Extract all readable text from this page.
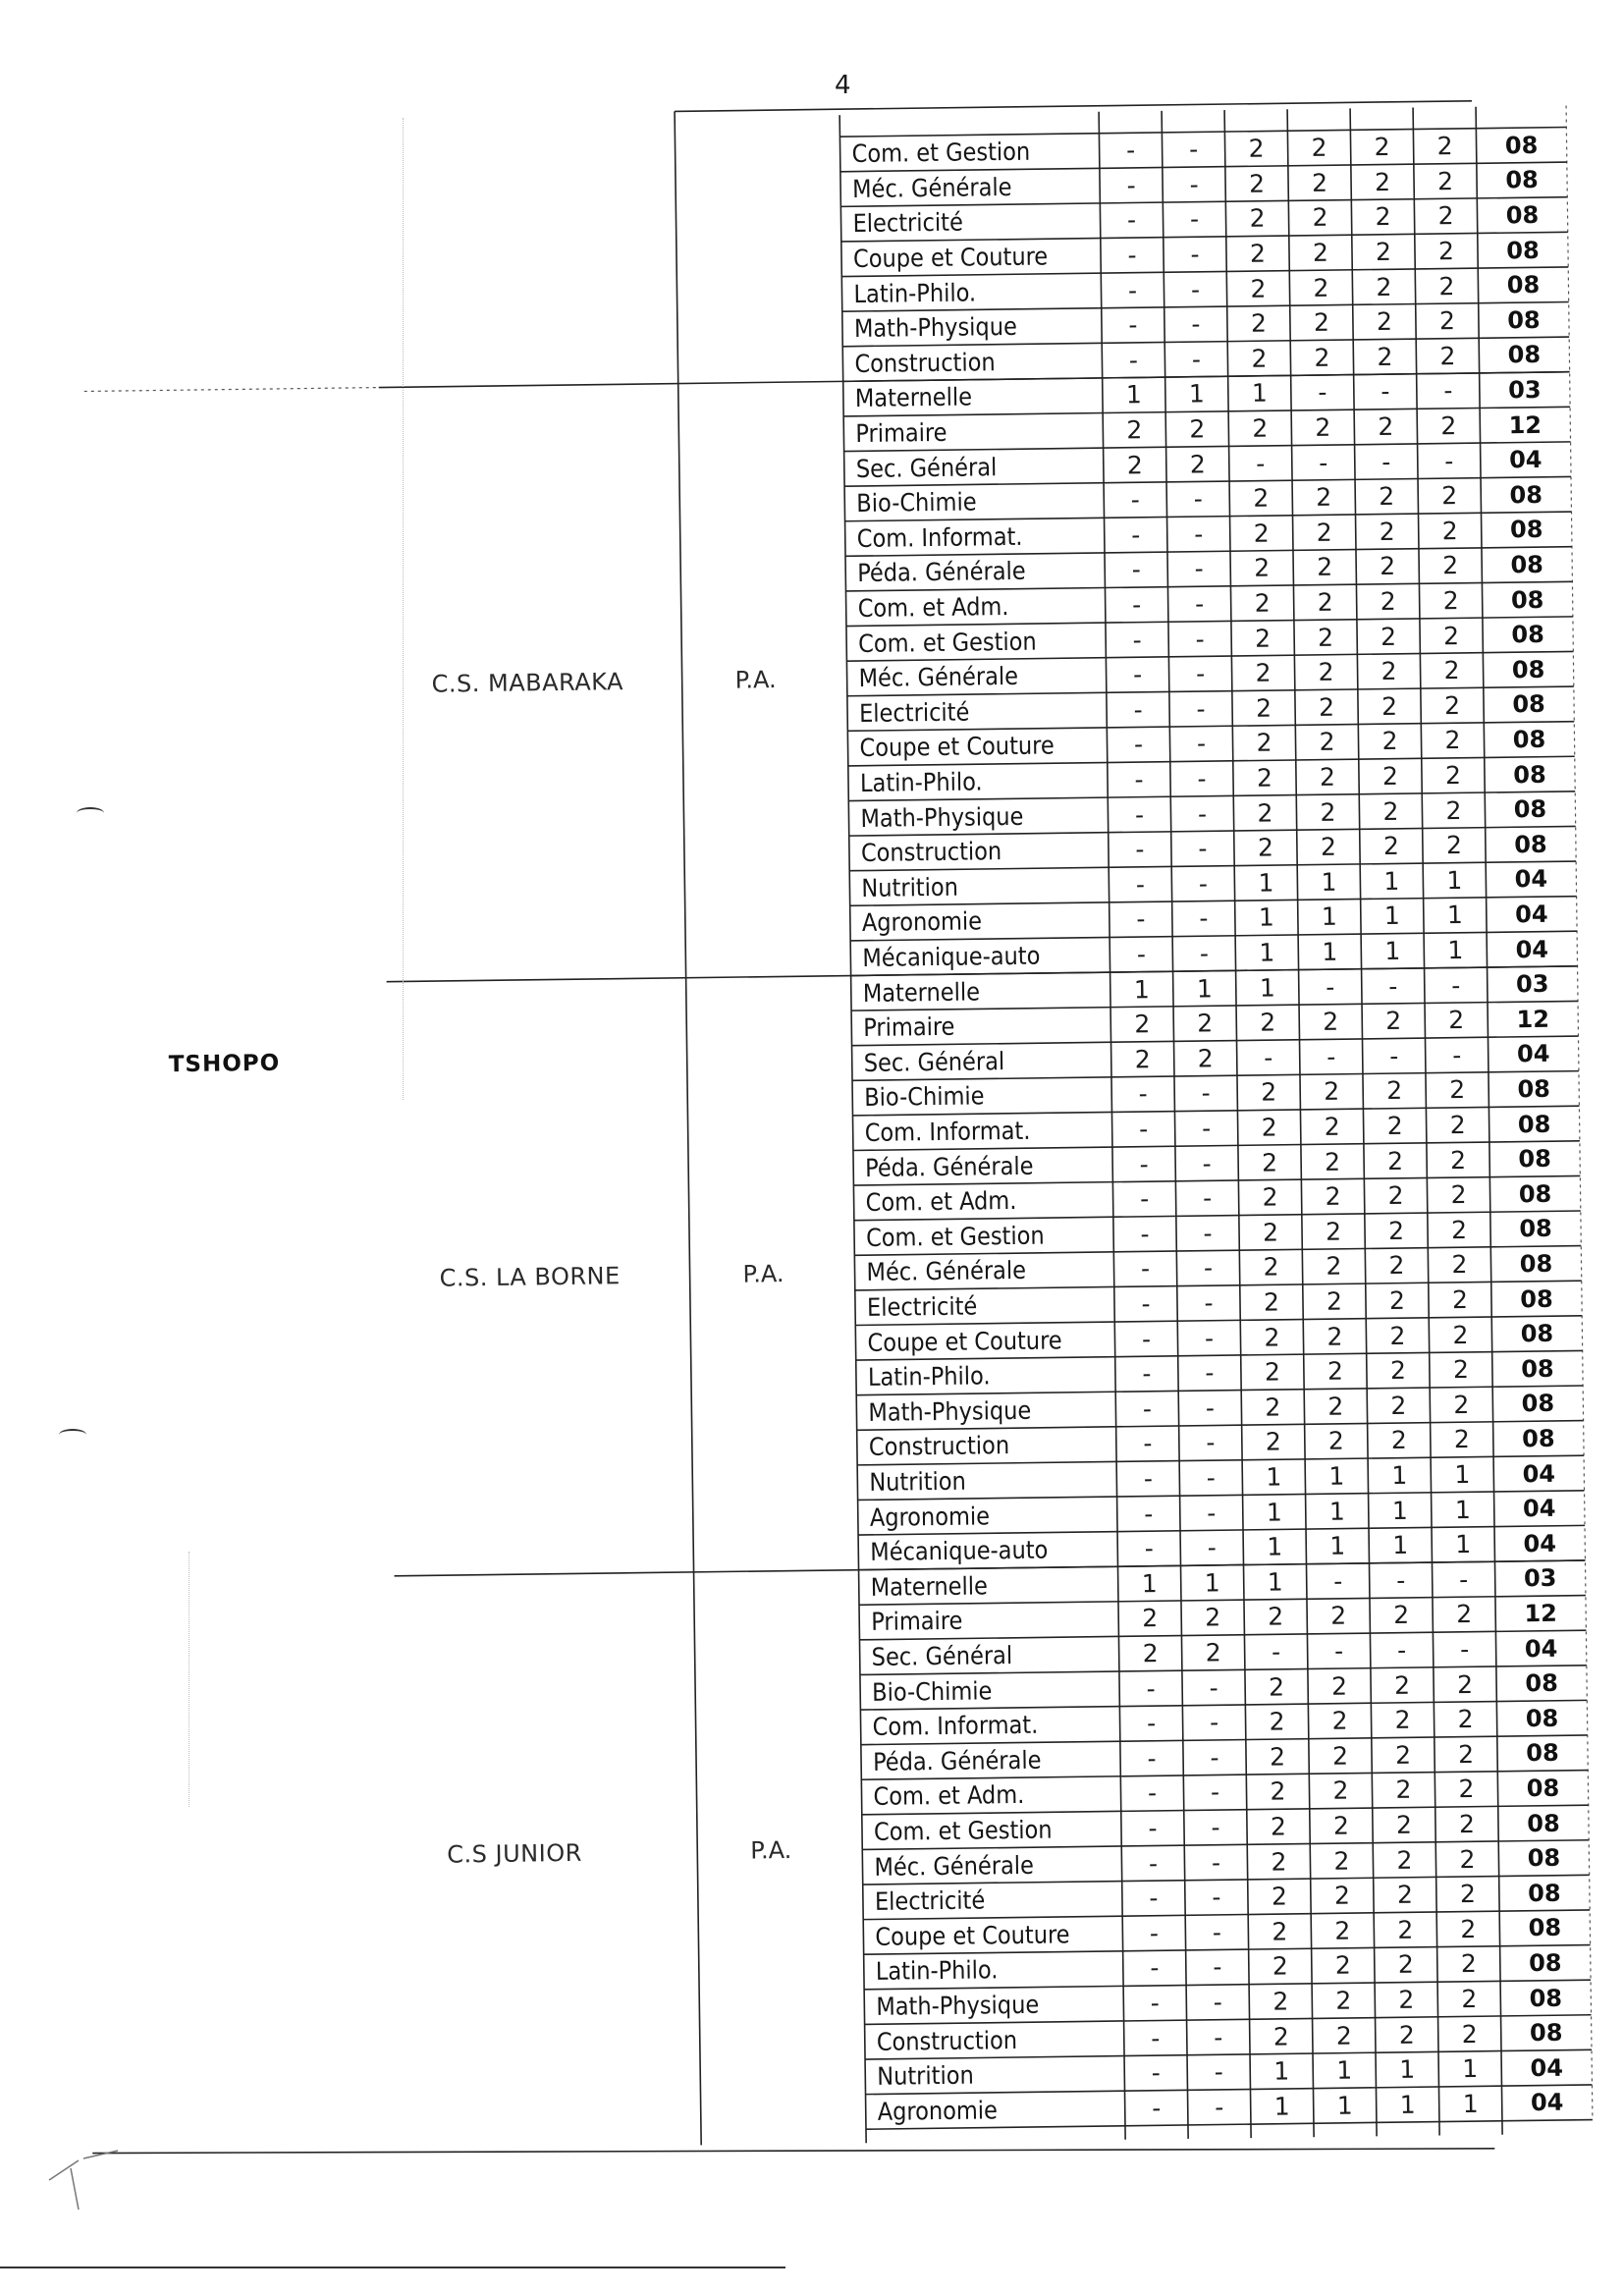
4
TSHOPO
Com. et Gestion	-	-	2	2	2	2	08
Méc. Générale	-	-	2	2	2	2	08
Electricité	-	-	2	2	2	2	08
Coupe et Couture	-	-	2	2	2	2	08
Latin-Philo.	-	-	2	2	2	2	08
Math-Physique	-	-	2	2	2	2	08
Construction	-	-	2	2	2	2	08
Maternelle	1	1	1	-	-	-	03
Primaire	2	2	2	2	2	2	12
Sec. Général	2	2	-	-	-	-	04
Bio-Chimie	-	-	2	2	2	2	08
Com. Informat.	-	-	2	2	2	2	08
Péda. Générale	-	-	2	2	2	2	08
Com. et Adm.	-	-	2	2	2	2	08
Com. et Gestion	-	-	2	2	2	2	08
Méc. Générale	-	-	2	2	2	2	08
Electricité	-	-	2	2	2	2	08
Coupe et Couture	-	-	2	2	2	2	08
Latin-Philo.	-	-	2	2	2	2	08
Math-Physique	-	-	2	2	2	2	08
Construction	-	-	2	2	2	2	08
Nutrition	-	-	1	1	1	1	04
Agronomie	-	-	1	1	1	1	04
Mécanique-auto	-	-	1	1	1	1	04
C.S. MABARAKA	P.A.
Maternelle	1	1	1	-	-	-	03
Primaire	2	2	2	2	2	2	12
Sec. Général	2	2	-	-	-	-	04
Bio-Chimie	-	-	2	2	2	2	08
Com. Informat.	-	-	2	2	2	2	08
Péda. Générale	-	-	2	2	2	2	08
Com. et Adm.	-	-	2	2	2	2	08
Com. et Gestion	-	-	2	2	2	2	08
Méc. Générale	-	-	2	2	2	2	08
Electricité	-	-	2	2	2	2	08
Coupe et Couture	-	-	2	2	2	2	08
Latin-Philo.	-	-	2	2	2	2	08
Math-Physique	-	-	2	2	2	2	08
Construction	-	-	2	2	2	2	08
Nutrition	-	-	1	1	1	1	04
Agronomie	-	-	1	1	1	1	04
Mécanique-auto	-	-	1	1	1	1	04
C.S. LA BORNE	P.A.
Maternelle	1	1	1	-	-	-	03
Primaire	2	2	2	2	2	2	12
Sec. Général	2	2	-	-	-	-	04
Bio-Chimie	-	-	2	2	2	2	08
Com. Informat.	-	-	2	2	2	2	08
Péda. Générale	-	-	2	2	2	2	08
Com. et Adm.	-	-	2	2	2	2	08
Com. et Gestion	-	-	2	2	2	2	08
Méc. Générale	-	-	2	2	2	2	08
Electricité	-	-	2	2	2	2	08
Coupe et Couture	-	-	2	2	2	2	08
Latin-Philo.	-	-	2	2	2	2	08
Math-Physique	-	-	2	2	2	2	08
Construction	-	-	2	2	2	2	08
Nutrition	-	-	1	1	1	1	04
Agronomie	-	-	1	1	1	1	04
C.S JUNIOR	P.A.
